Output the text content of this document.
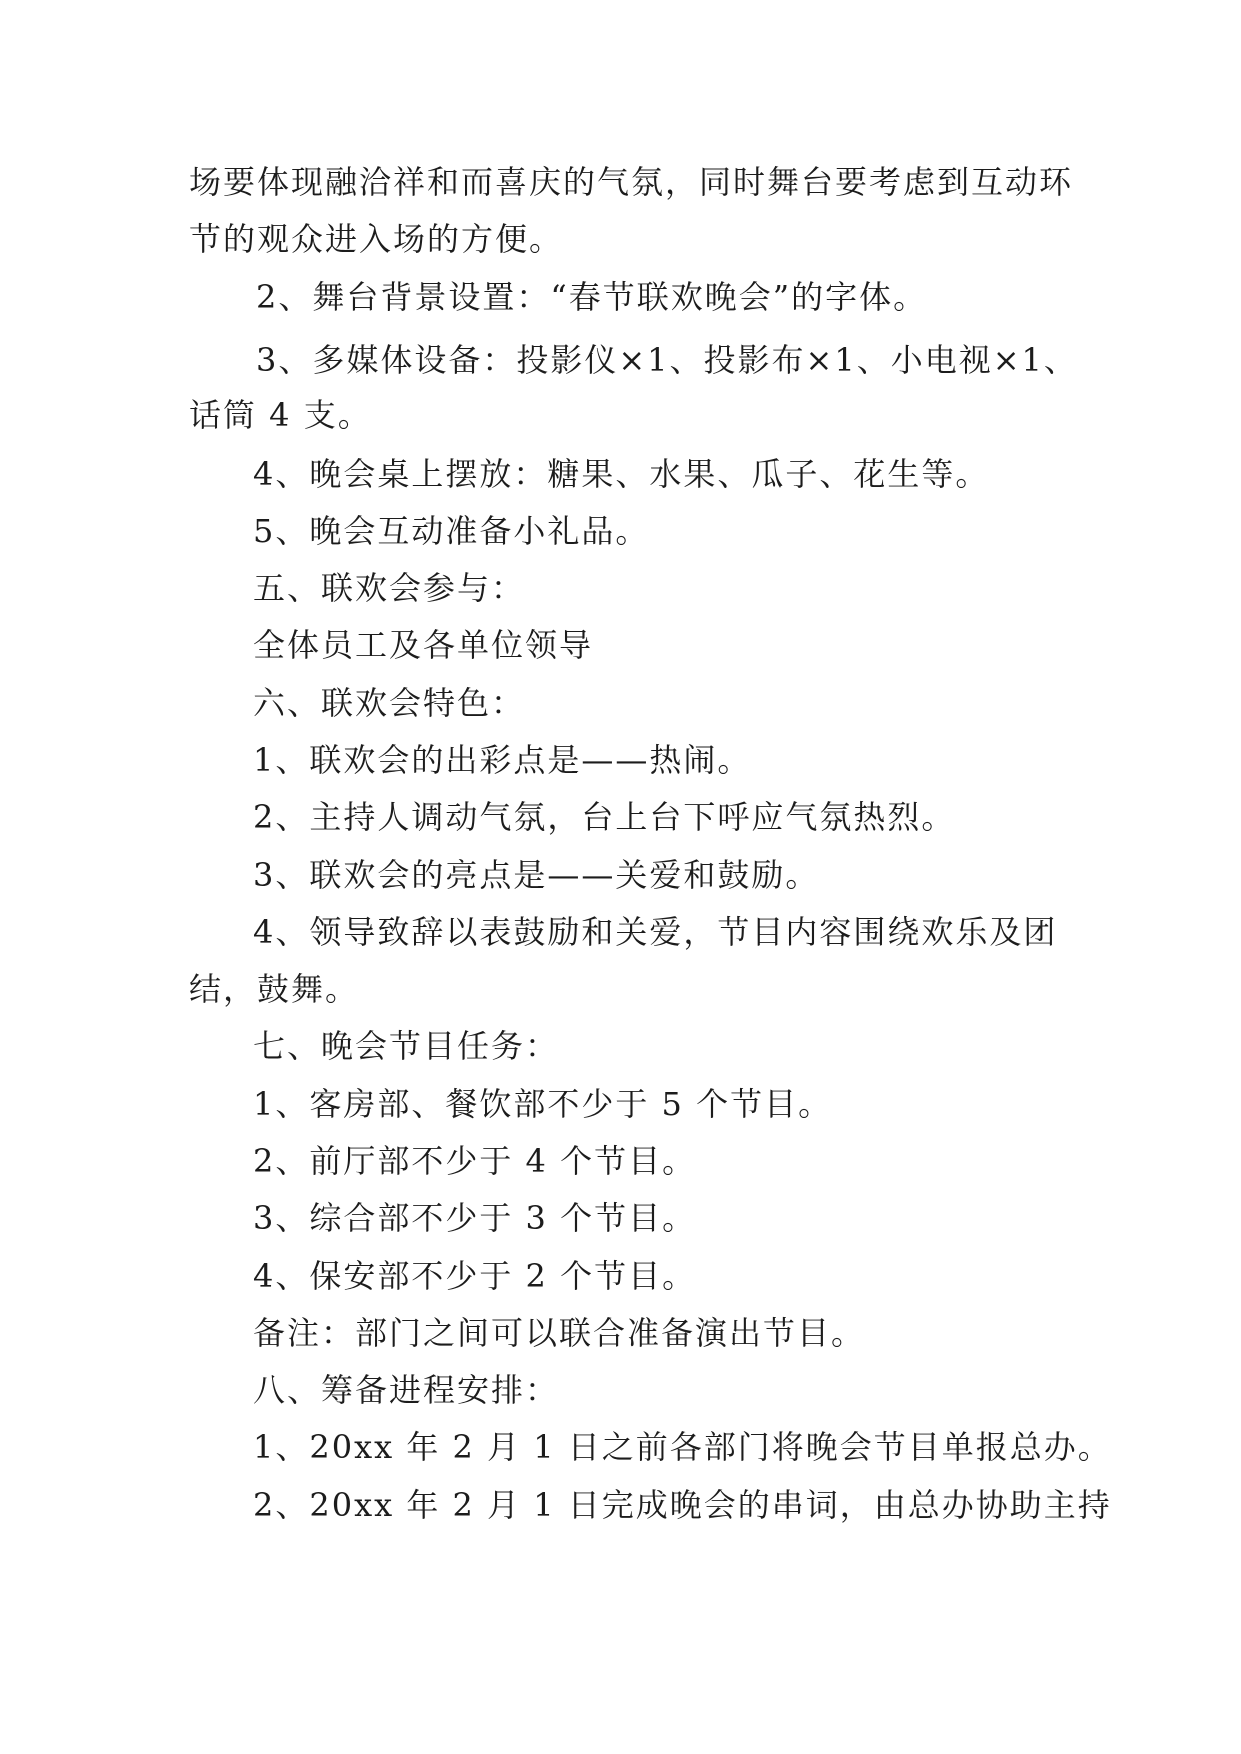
场要体现融洽祥和而喜庆的气氛，同时舞台要考虑到互动环
节的观众进入场的方便。
2、舞台背景设置：“春节联欢晚会”的字体。
3、多媒体设备：投影仪×1、投影布×1、小电视×1、
话筒 4 支。
4、晚会桌上摆放：糖果、水果、瓜子、花生等。
5、晚会互动准备小礼品。
五、联欢会参与：
全体员工及各单位领导
六、联欢会特色：
1、联欢会的出彩点是——热闹。
2、主持人调动气氛，台上台下呼应气氛热烈。
3、联欢会的亮点是——关爱和鼓励。
4、领导致辞以表鼓励和关爱，节目内容围绕欢乐及团
结，鼓舞。
七、晚会节目任务：
1、客房部、餐饮部不少于 5 个节目。
2、前厅部不少于 4 个节目。
3、综合部不少于 3 个节目。
4、保安部不少于 2 个节目。
备注：部门之间可以联合准备演出节目。
八、筹备进程安排：
1、20xx 年 2 月 1 日之前各部门将晚会节目单报总办。
2、20xx 年 2 月 1 日完成晚会的串词，由总办协助主持
